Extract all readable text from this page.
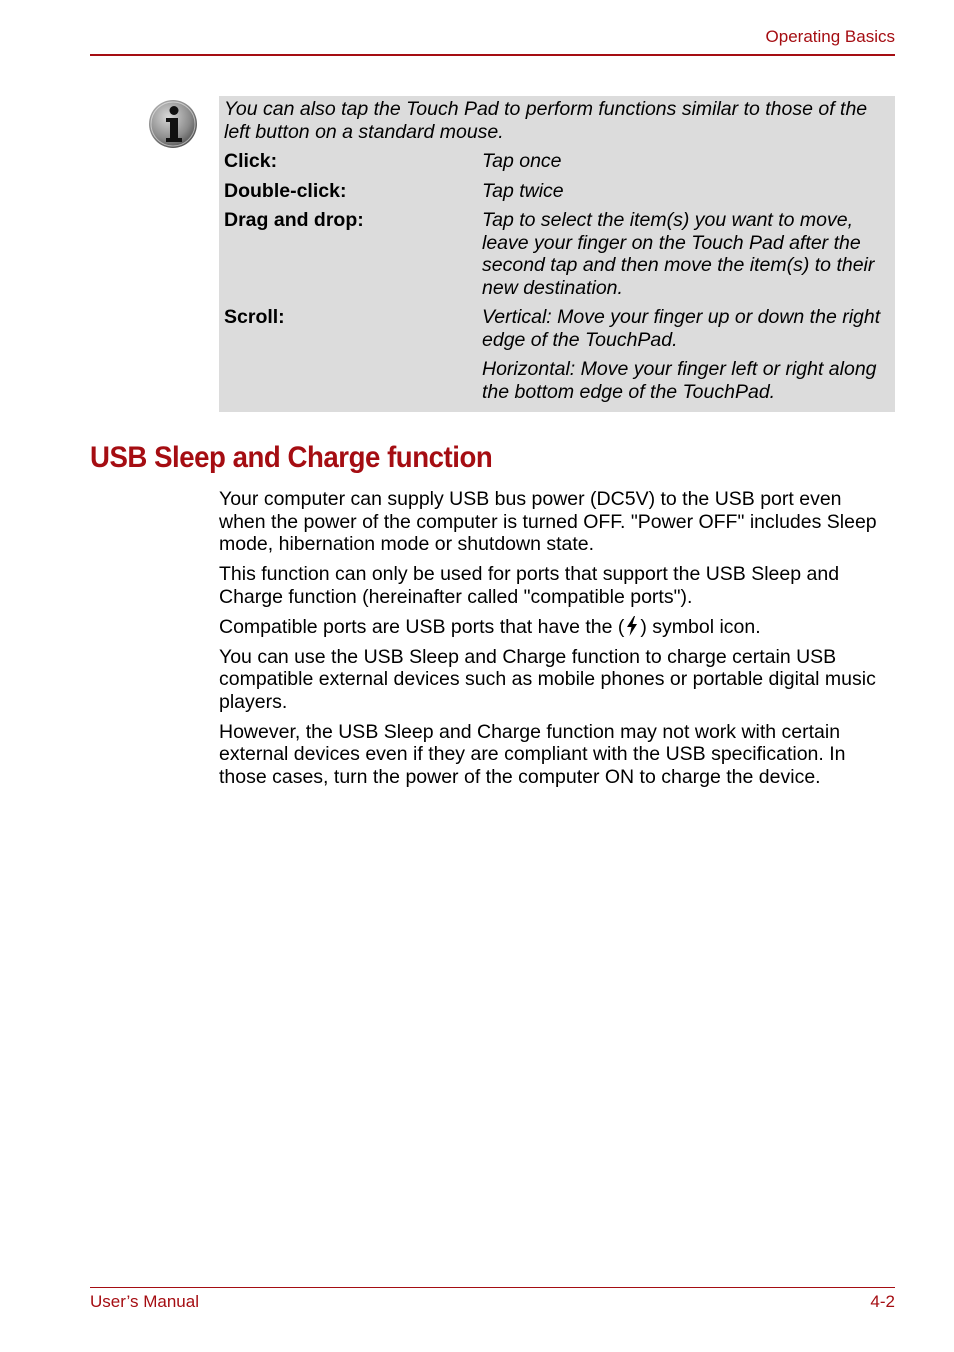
Operating Basics

You can also tap the Touch Pad to perform functions similar to those of the left button on a standard mouse.

Click:	Tap once

Double-click:	Tap twice

Drag and drop:	Tap to select the item(s) you want to move, leave your finger on the Touch Pad after the second tap and then move the item(s) to their new destination.

Scroll:	Vertical: Move your finger up or down the right edge of the TouchPad.

Horizontal: Move your finger left or right along the bottom edge of the TouchPad.

USB Sleep and Charge function

Your computer can supply USB bus power (DC5V) to the USB port even when the power of the computer is turned OFF. "Power OFF" includes Sleep mode, hibernation mode or shutdown state.

This function can only be used for ports that support the USB Sleep and Charge function (hereinafter called "compatible ports").

Compatible ports are USB ports that have the ( ) symbol icon.

You can use the USB Sleep and Charge function to charge certain USB compatible external devices such as mobile phones or portable digital music players.

However, the USB Sleep and Charge function may not work with certain external devices even if they are compliant with the USB specification. In those cases, turn the power of the computer ON to charge the device.

User’s Manual	4-2
